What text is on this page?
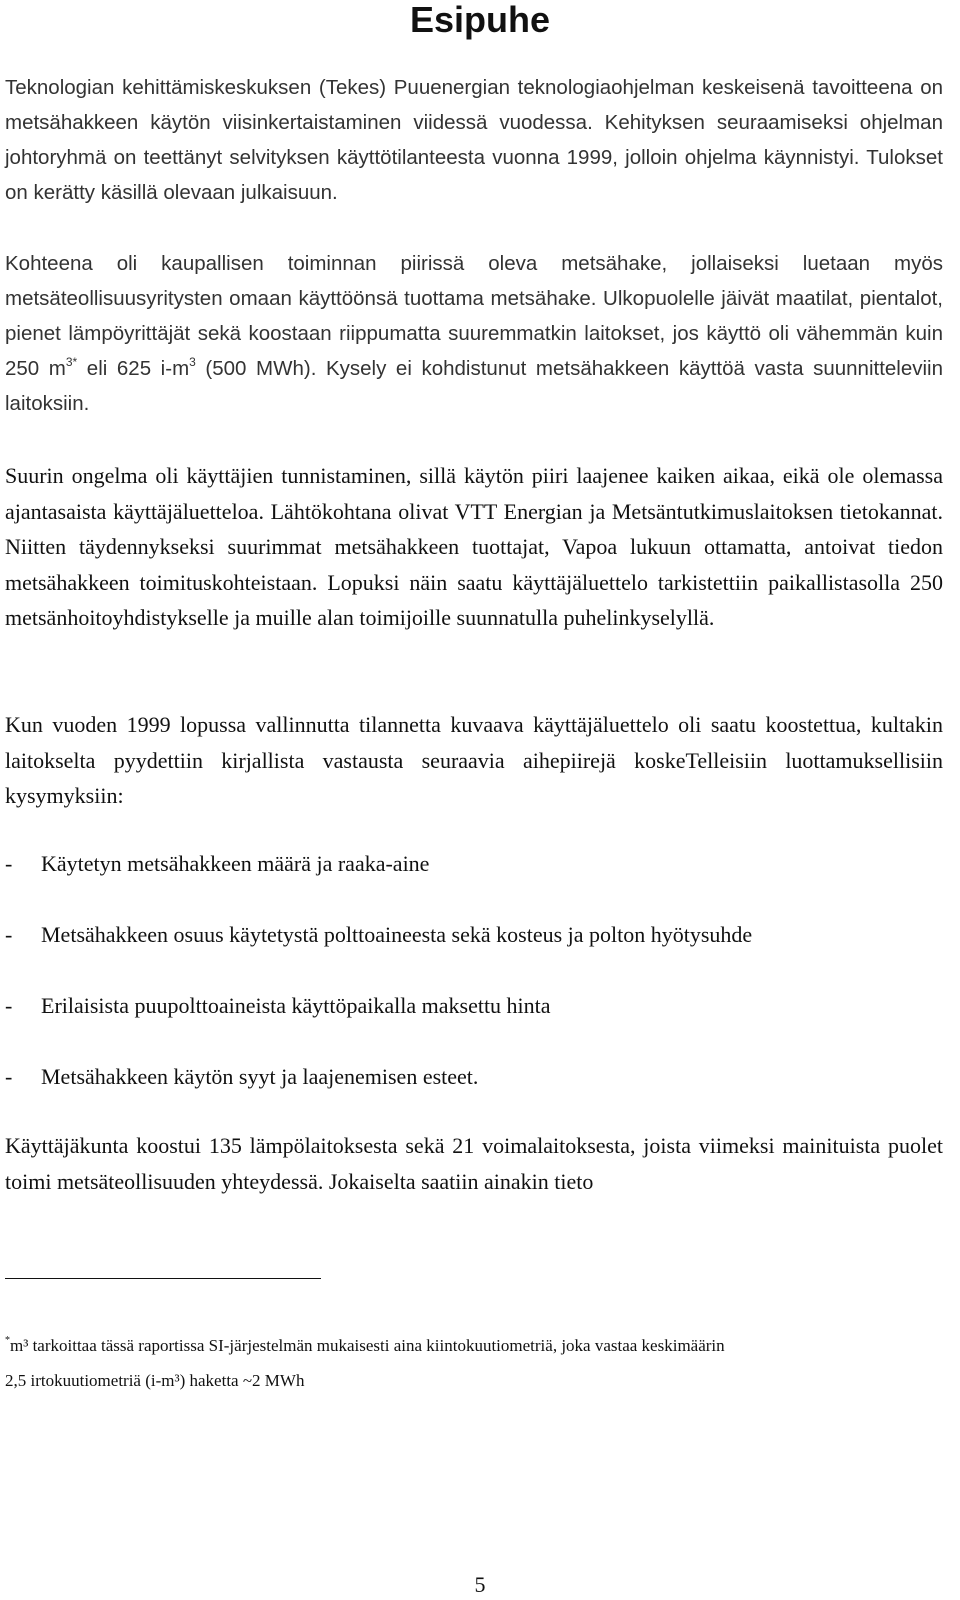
Esipuhe

Teknologian kehittämiskeskuksen (Tekes) Puuenergian teknologiaohjelman keskeisenä tavoitteena on metsähakkeen käytön viisinkertaistaminen viidessä vuodessa. Kehityksen seuraamiseksi ohjelman johtoryhmä on teettänyt selvityksen käyttötilanteesta vuonna 1999, jolloin ohjelma käynnistyi. Tulokset on kerätty käsillä olevaan julkaisuun.

Kohteena oli kaupallisen toiminnan piirissä oleva metsähake, jollaiseksi luetaan myös metsäteollisuusyritysten omaan käyttöönsä tuottama metsähake. Ulkopuolelle jäivät maatilat, pientalot, pienet lämpöyrittäjät sekä koostaan riippumatta suuremmatkin laitokset, jos käyttö oli vähemmän kuin 250 $m^{3*}$ eli 625 $i-m^3$ (500 MWh). Kysely ei kohdistunut metsähakkeen käyttöä vasta suunnitteleviin laitoksiin.

Suurin ongelma oli käyttäjien tunnistaminen, sillä käytön piiri laajenee kaiken aikaa, eikä ole olemassa ajantasaista käyttäjäluetteloa. Lähtökohtana olivat VTT Energian ja Metsäntutkimuslaitoksen tietokannat. Niitten täydennykseksi suurimmat metsähakkeen tuottajat, Vapoa lukuun ottamatta, antoivat tiedon metsähakkeen toimituskohteistaan. Lopuksi näin saatu käyttäjäluettelo tarkistettiin paikallistasolla 250 metsänhoitoyhdistykselle ja muille alan toimijoille suunnatulla puhelinkyselyllä.

Kun vuoden 1999 lopussa vallinnutta tilannetta kuvaava käyttäjäluettelo oli saatu koostettua, kultakin laitokselta pyydettiin kirjallista vastausta seuraavia aihepiirejä koskeTelleisiin luottamuksellisiin kysymyksiin:

- Käytetyn metsähakkeen määrä ja raaka-aine
- Metsähakkeen osuus käytetystä polttoaineesta sekä kosteus ja polton hyötysuhde
- Erilaisista puupolttoaineista käyttöpaikalla maksettu hinta
- Metsähakkeen käytön syyt ja laajenemisen esteet.

Käyttäjäkunta koostui 135 lämpölaitoksesta sekä 21 voimalaitoksesta, joista viimeksi mainituista puolet toimi metsäteollisuuden yhteydessä. Jokaiselta saatiin ainakin tieto

*m³ tarkoittaa tässä raportissa SI-järjestelmän mukaisesti aina kiintokuutiometriä, joka vastaa keskimäärin
2,5 irtokuutiometriä (i-m³) haketta ~2 MWh

5
